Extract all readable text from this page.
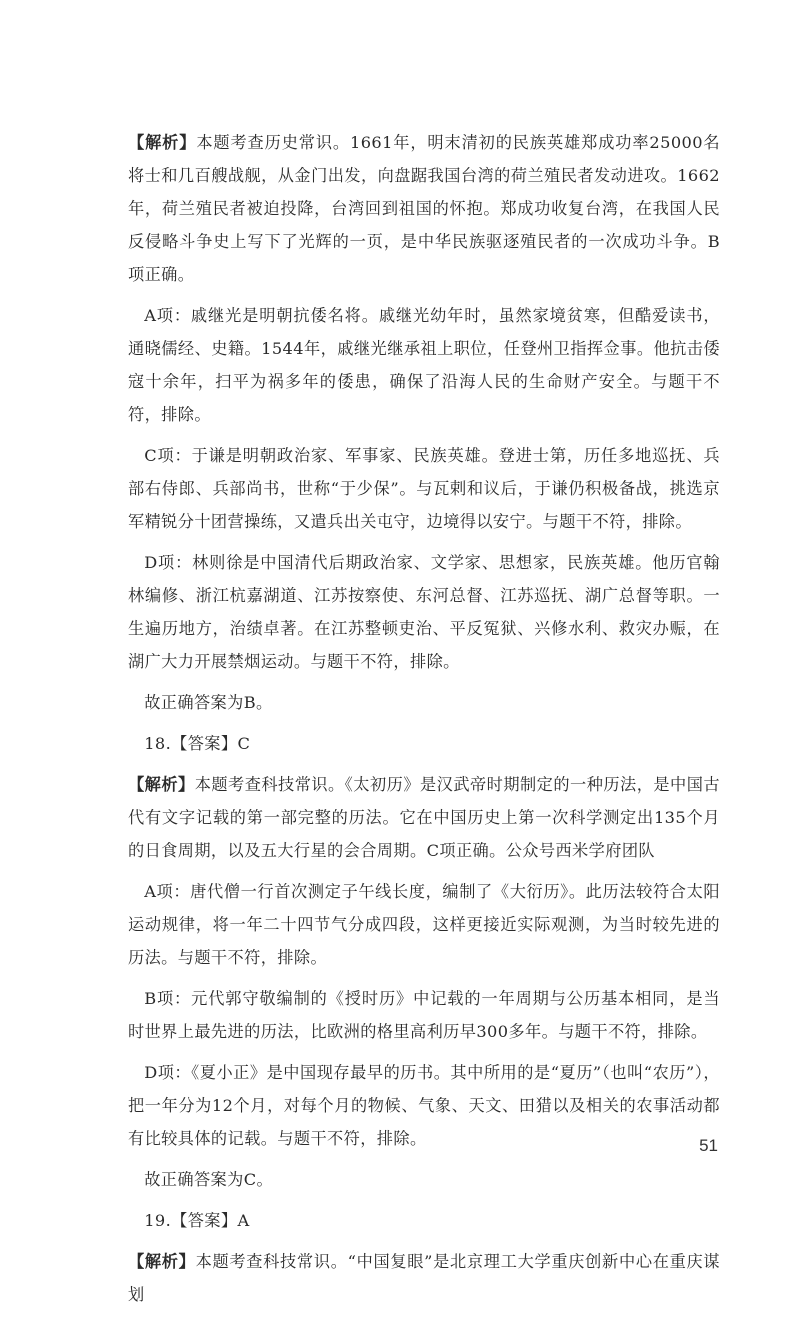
【解析】本题考查历史常识。1661年，明末清初的民族英雄郑成功率25000名将士和几百艘战舰，从金门出发，向盘踞我国台湾的荷兰殖民者发动进攻。1662年，荷兰殖民者被迫投降，台湾回到祖国的怀抱。郑成功收复台湾，在我国人民反侵略斗争史上写下了光辉的一页，是中华民族驱逐殖民者的一次成功斗争。B项正确。

A项：戚继光是明朝抗倭名将。戚继光幼年时，虽然家境贫寒，但酷爱读书，通晓儒经、史籍。1544年，戚继光继承祖上职位，任登州卫指挥佥事。他抗击倭寇十余年，扫平为祸多年的倭患，确保了沿海人民的生命财产安全。与题干不符，排除。

C项：于谦是明朝政治家、军事家、民族英雄。登进士第，历任多地巡抚、兵部右侍郎、兵部尚书，世称“于少保”。与瓦剌和议后，于谦仍积极备战，挑选京军精锐分十团营操练，又遣兵出关屯守，边境得以安宁。与题干不符，排除。

D项：林则徐是中国清代后期政治家、文学家、思想家，民族英雄。他历官翰林编修、浙江杭嘉湖道、江苏按察使、东河总督、江苏巡抚、湖广总督等职。一生遍历地方，治绩卓著。在江苏整顿吏治、平反冤狱、兴修水利、救灾办赈，在湖广大力开展禁烟运动。与题干不符，排除。

故正确答案为B。

18.【答案】C

【解析】本题考查科技常识。《太初历》是汉武帝时期制定的一种历法，是中国古代有文字记载的第一部完整的历法。它在中国历史上第一次科学测定出135个月的日食周期，以及五大行星的会合周期。C项正确。公众号西米学府团队

A项：唐代僧一行首次测定子午线长度，编制了《大衍历》。此历法较符合太阳运动规律，将一年二十四节气分成四段，这样更接近实际观测，为当时较先进的历法。与题干不符，排除。

B项：元代郭守敬编制的《授时历》中记载的一年周期与公历基本相同，是当时世界上最先进的历法，比欧洲的格里高利历早300多年。与题干不符，排除。

D项：《夏小正》是中国现存最早的历书。其中所用的是“夏历”（也叫“农历”），把一年分为12个月，对每个月的物候、气象、天文、田猎以及相关的农事活动都有比较具体的记载。与题干不符，排除。

故正确答案为C。

19.【答案】A

【解析】本题考查科技常识。“中国复眼”是北京理工大学重庆创新中心在重庆谋划

51
